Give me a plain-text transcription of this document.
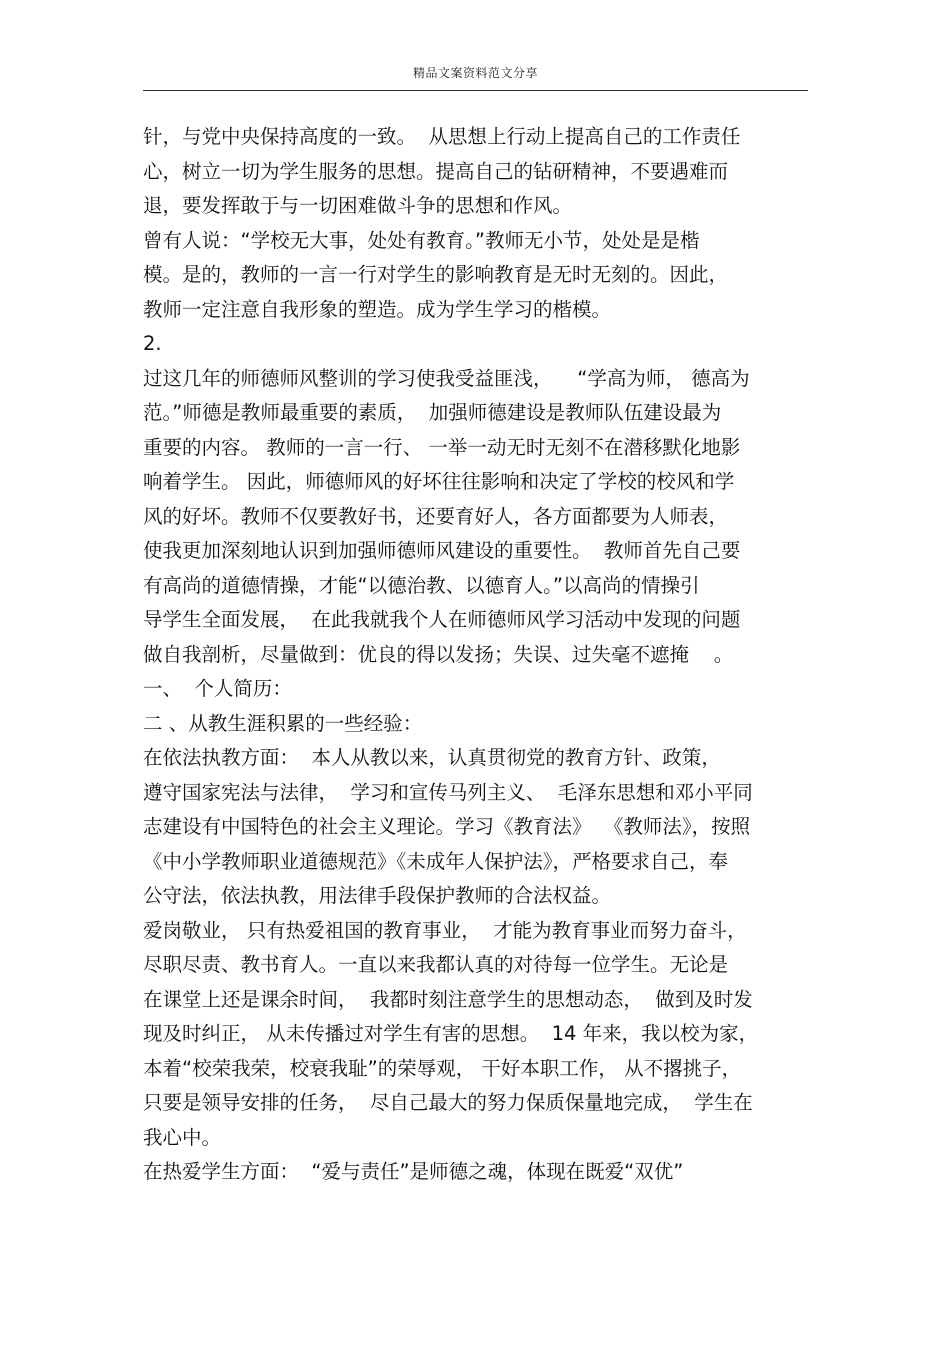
精品文案资料范文分享
针，与党中央保持高度的一致。  从思想上行动上提高自己的工作责任
心，树立一切为学生服务的思想。提高自己的钻研精神，不要遇难而
退，要发挥敢于与一切困难做斗争的思想和作风。
曾有人说：“学校无大事，处处有教育。”教师无小节，处处是是楷
模。是的，教师的一言一行对学生的影响教育是无时无刻的。因此，
教师一定注意自我形象的塑造。成为学生学习的楷模。
2.
过这几年的师德师风整训的学习使我受益匪浅，    “学高为师， 德高为
范。”师德是教师最重要的素质，  加强师德建设是教师队伍建设最为
重要的内容。 教师的一言一行、 一举一动无时无刻不在潜移默化地影
响着学生。 因此，师德师风的好坏往往影响和决定了学校的校风和学
风的好坏。教师不仅要教好书，还要育好人，各方面都要为人师表，
使我更加深刻地认识到加强师德师风建设的重要性。  教师首先自己要
有高尚的道德情操，才能“以德治教、以德育人。”以高尚的情操引
导学生全面发展，  在此我就我个人在师德师风学习活动中发现的问题
做自我剖析，尽量做到：优良的得以发扬；失误、过失毫不遮掩    。
一、  个人简历：
二 、从教生涯积累的一些经验：
在依法执教方面：  本人从教以来，认真贯彻党的教育方针、政策，
遵守国家宪法与法律，  学习和宣传马列主义、  毛泽东思想和邓小平同
志建设有中国特色的社会主义理论。学习《教育法》  《教师法》，按照
《中小学教师职业道德规范》《未成年人保护法》，严格要求自己，奉
公守法，依法执教，用法律手段保护教师的合法权益。
爱岗敬业， 只有热爱祖国的教育事业，  才能为教育事业而努力奋斗，
尽职尽责、教书育人。一直以来我都认真的对待每一位学生。无论是
在课堂上还是课余时间，  我都时刻注意学生的思想动态，  做到及时发
现及时纠正， 从未传播过对学生有害的思想。  14 年来，我以校为家，
本着“校荣我荣，校衰我耻”的荣辱观， 干好本职工作， 从不撂挑子，
只要是领导安排的任务，  尽自己最大的努力保质保量地完成，  学生在
我心中。
在热爱学生方面：  “爱与责任”是师德之魂，体现在既爱“双优”
